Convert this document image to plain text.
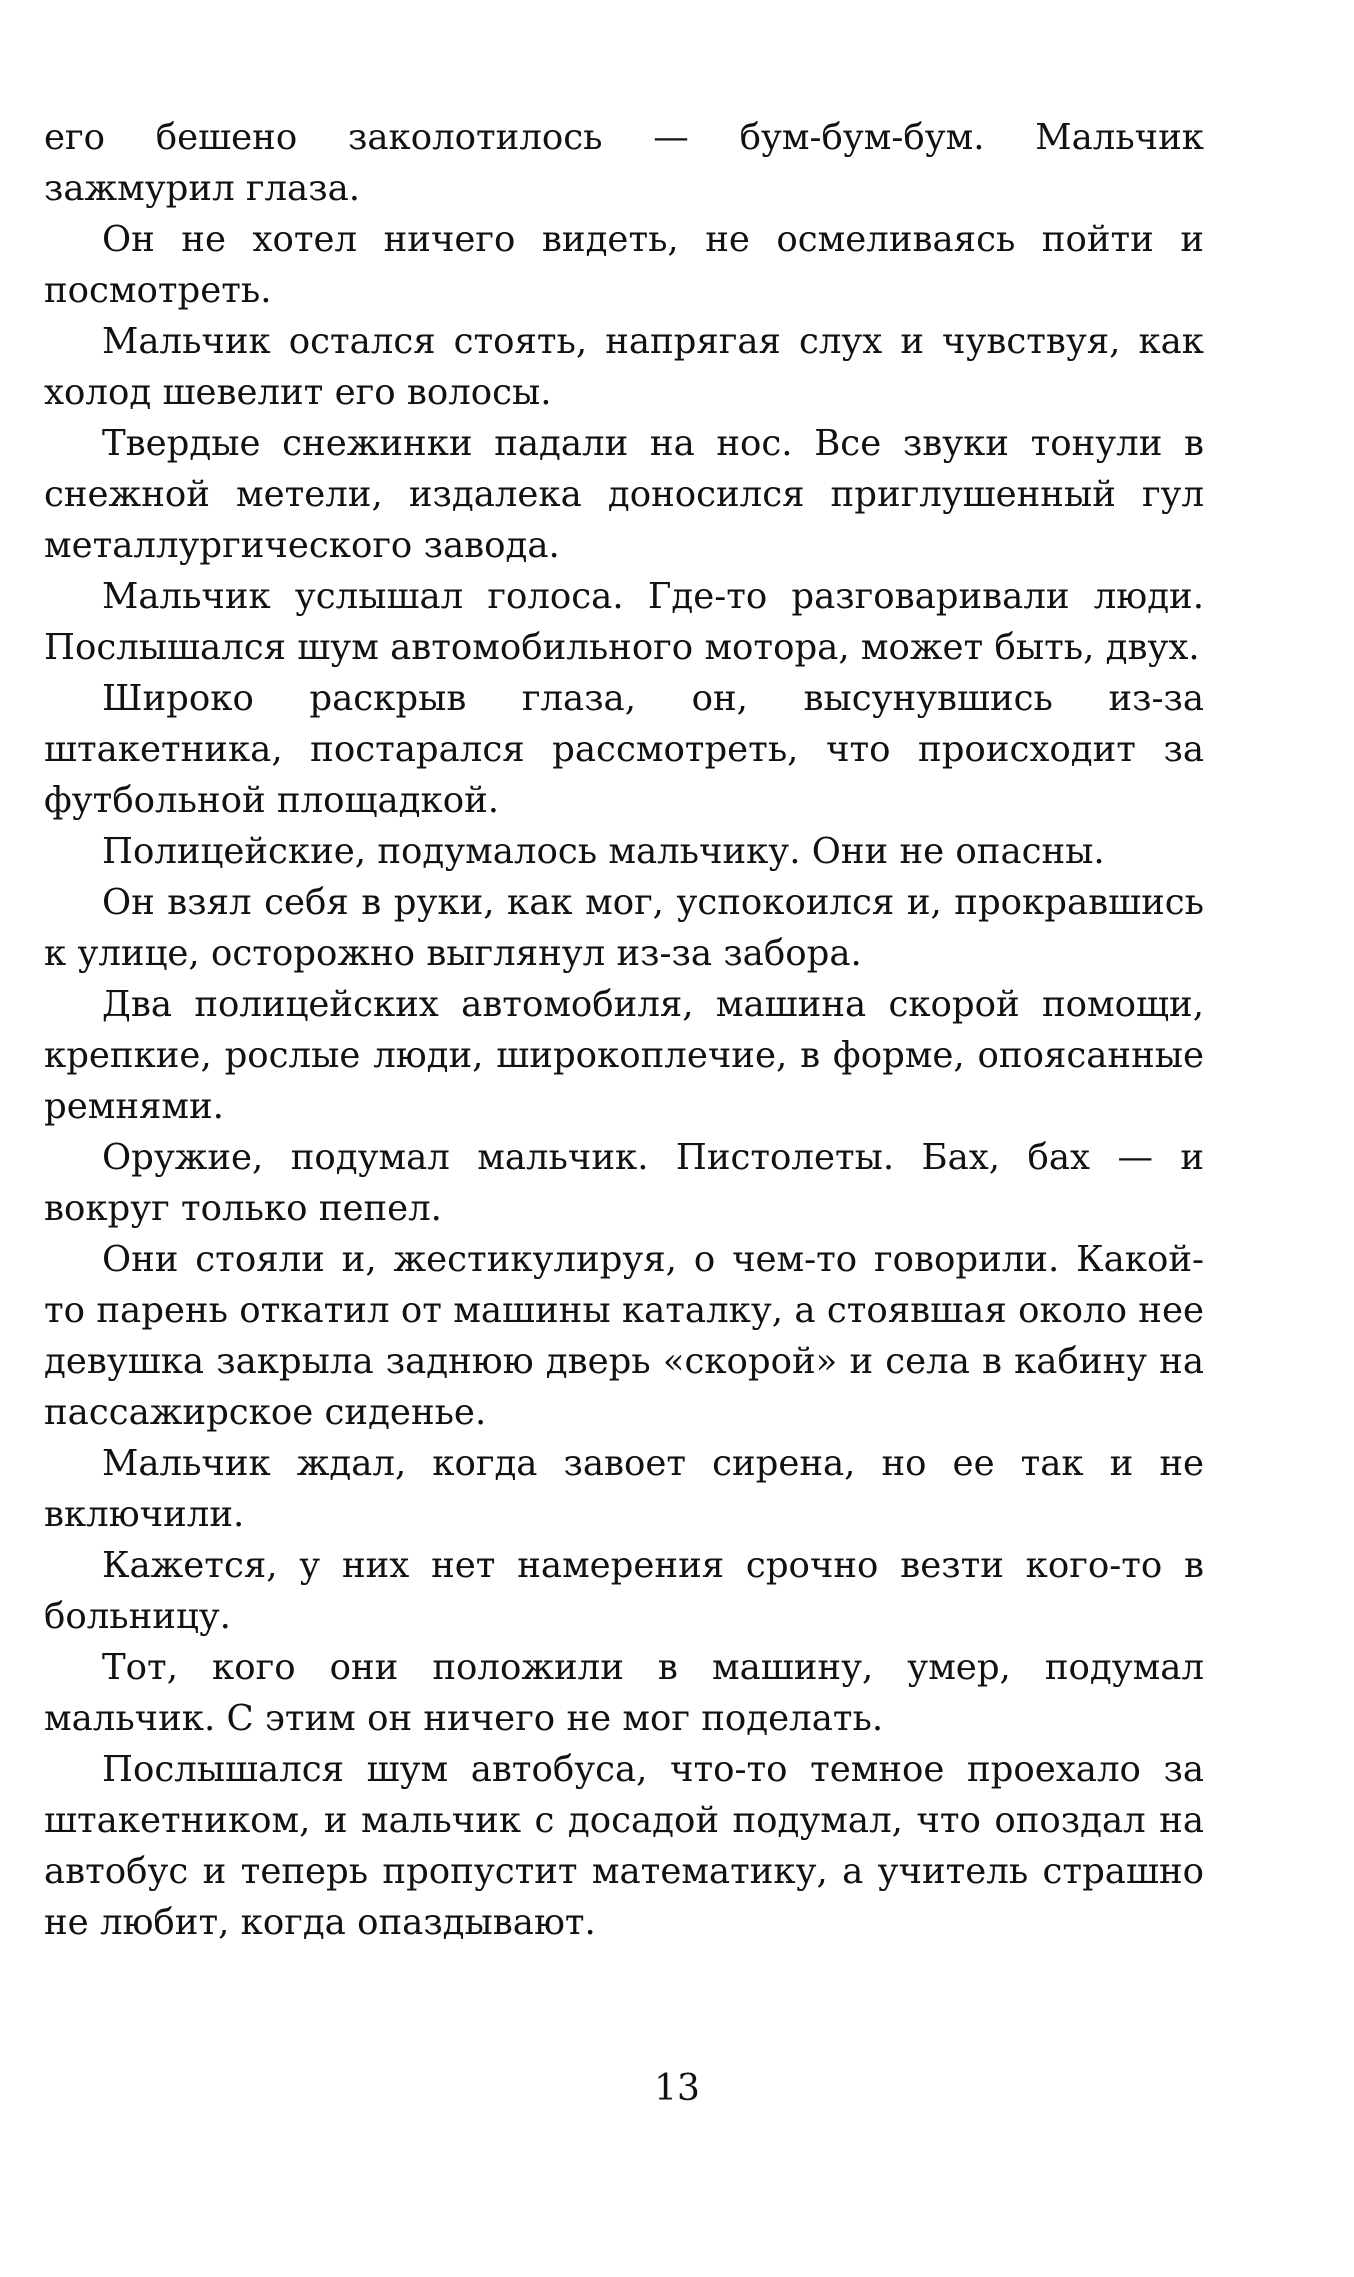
его бешено заколотилось — бум-бум-бум. Мальчик зажмурил глаза.

Он не хотел ничего видеть, не осмеливаясь пойти и посмотреть.

Мальчик остался стоять, напрягая слух и чувствуя, как холод шевелит его волосы.

Твердые снежинки падали на нос. Все звуки тонули в снежной метели, издалека доносился приглушенный гул металлургического завода.

Мальчик услышал голоса. Где-то разговаривали люди. Послышался шум автомобильного мотора, может быть, двух.

Широко раскрыв глаза, он, высунувшись из-за штакетника, постарался рассмотреть, что происходит за футбольной площадкой.

Полицейские, подумалось мальчику. Они не опасны.

Он взял себя в руки, как мог, успокоился и, прокравшись к улице, осторожно выглянул из-за забора.

Два полицейских автомобиля, машина скорой помощи, крепкие, рослые люди, широкоплечие, в форме, опоясанные ремнями.

Оружие, подумал мальчик. Пистолеты. Бах, бах — и вокруг только пепел.

Они стояли и, жестикулируя, о чем-то говорили. Какой-то парень откатил от машины каталку, а стоявшая около нее девушка закрыла заднюю дверь «скорой» и села в кабину на пассажирское сиденье.

Мальчик ждал, когда завоет сирена, но ее так и не включили.

Кажется, у них нет намерения срочно везти кого-то в больницу.

Тот, кого они положили в машину, умер, подумал мальчик. С этим он ничего не мог поделать.

Послышался шум автобуса, что-то темное проехало за штакетником, и мальчик с досадой подумал, что опоздал на автобус и теперь пропустит математику, а учитель страшно не любит, когда опаздывают.

13
